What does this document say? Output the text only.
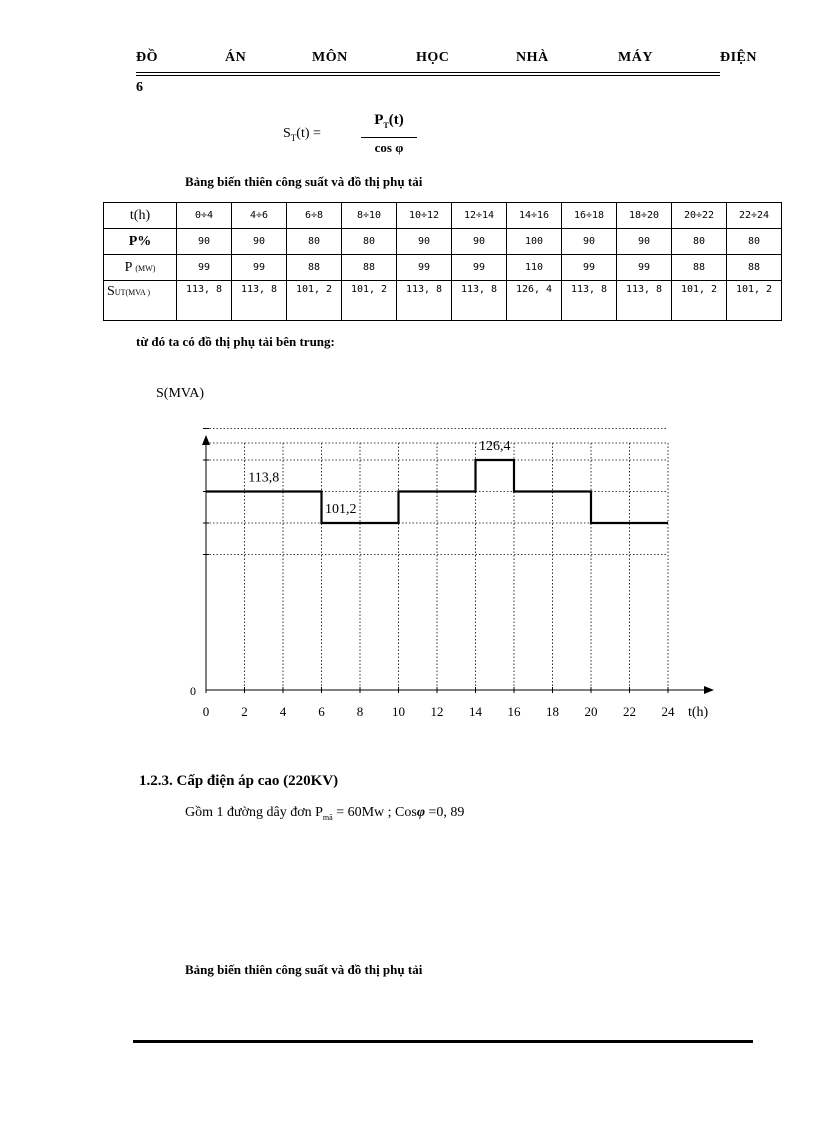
ĐỒ	ÁN	MÔN	HỌC	NHÀ	MÁY	ĐIỆN
6
$S_T(t)$ =
$P_T(t)$
cos φ
Bảng biến thiên công suất và đồ thị phụ tải
t(h)	0÷4	4÷6	6÷8	8÷10	10÷12	12÷14	14÷16	16÷18	18÷20	20÷22	22÷24
P%	90	90	80	80	90	90	100	90	90	80	80
P (MW)	99	99	88	88	99	99	110	99	99	88	88
SUT(MVA )	113, 8	113, 8	101, 2	101, 2	113, 8	113, 8	126, 4	113, 8	113, 8	101, 2	101, 2
từ đó ta có đồ thị phụ tải bên trung:
0 2 4 6 8 10 12 14 16 18 20 22 24
S(MVA)
t(h)
0
113,8
101,2
126,4
1.2.3. Cấp điện áp cao (220KV)
Gồm 1 đường dây đơn $P_{mã} = 60Mw$ ; Cosφ =0, 89
Bảng biến thiên công suất và đồ thị phụ tải
